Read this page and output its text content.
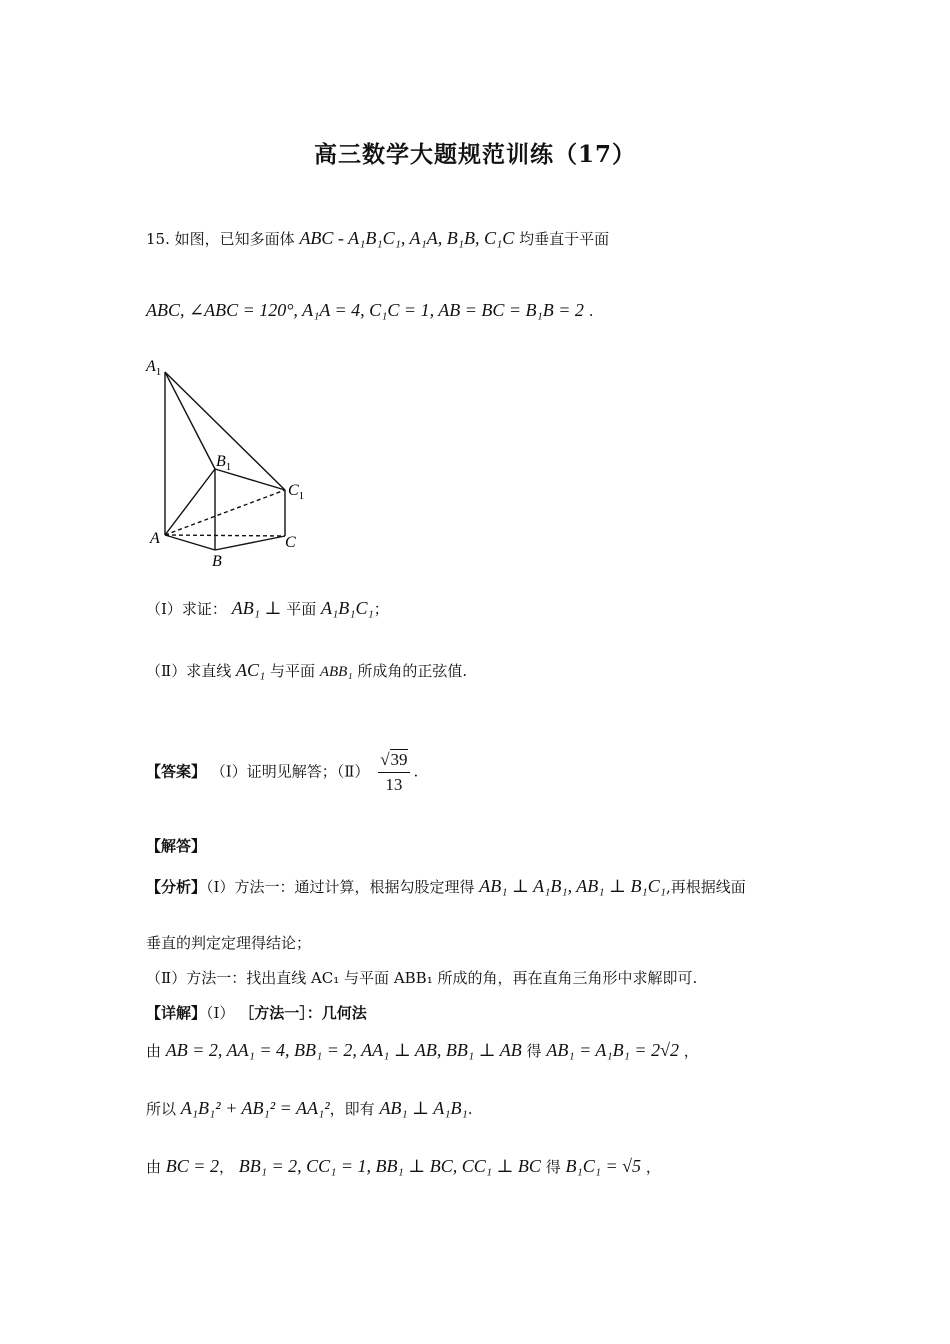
高三数学大题规范训练（17）
15. 如图，已知多面体 ABC - A₁B₁C₁, A₁A, B₁B, C₁C 均垂直于平面
ABC, ∠ABC = 120°, A₁A = 4, C₁C = 1, AB = BC = B₁B = 2 .
$A_1$
$B_1$
$C_1$
A
B
C
（Ⅰ）求证： AB₁ ⊥ 平面 A₁B₁C₁；
（Ⅱ）求直线 AC₁ 与平面 ABB₁ 所成角的正弦值.
【答案】 （Ⅰ）证明见解答；（Ⅱ） $\frac{√39}{13}$ .
【解答】
【分析】（Ⅰ）方法一：通过计算，根据勾股定理得 AB₁ ⊥ A₁B₁, AB₁ ⊥ B₁C₁,再根据线面
垂直的判定定理得结论；
（Ⅱ）方法一：找出直线 AC₁ 与平面 ABB₁ 所成的角，再在直角三角形中求解即可.
【详解】（Ⅰ） ［方法一］：几何法
由 AB = 2, AA₁ = 4, BB₁ = 2, AA₁ ⊥ AB, BB₁ ⊥ AB 得 AB₁ = A₁B₁ = 2√2 ，
所以 A₁B₁² + AB₁² = AA₁²，即有 AB₁ ⊥ A₁B₁.
由 BC = 2， BB₁ = 2, CC₁ = 1, BB₁ ⊥ BC, CC₁ ⊥ BC 得 B₁C₁ = √5 ，
